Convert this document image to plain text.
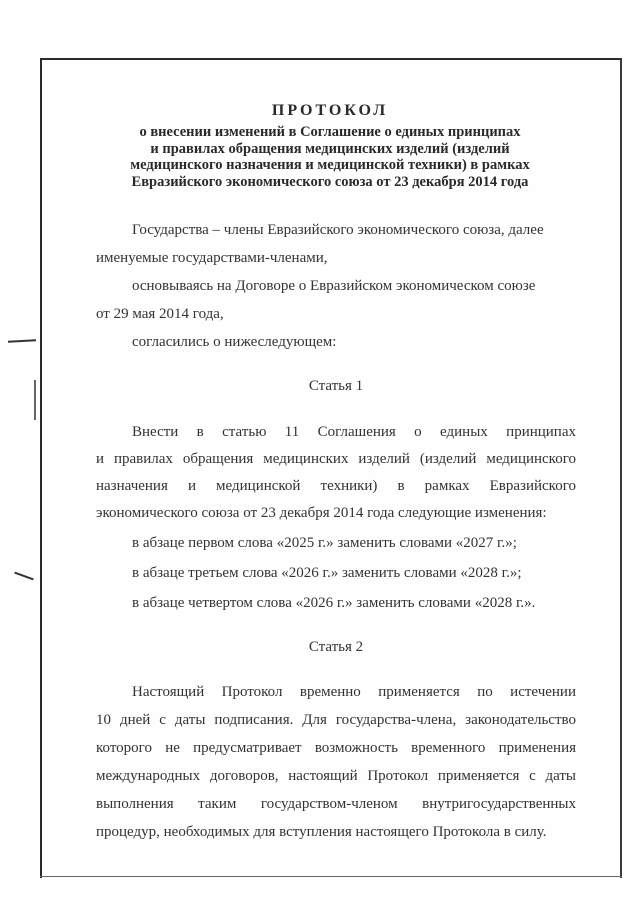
ПРОТОКОЛ
о внесении изменений в Соглашение о единых принципах
и правилах обращения медицинских изделий (изделий
медицинского назначения и медицинской техники) в рамках
Евразийского экономического союза от 23 декабря 2014 года
Государства – члены Евразийского экономического союза, далее
именуемые государствами-членами,
основываясь на Договоре о Евразийском экономическом союзе
от 29 мая 2014 года,
согласились о нижеследующем:
Статья 1
Внести в статью 11 Соглашения о единых принципах
и правилах обращения медицинских изделий (изделий медицинского
назначения и медицинской техники) в рамках Евразийского
экономического союза от 23 декабря 2014 года следующие изменения:
в абзаце первом слова «2025 г.» заменить словами «2027 г.»;
в абзаце третьем слова «2026 г.» заменить словами «2028 г.»;
в абзаце четвертом слова «2026 г.» заменить словами «2028 г.».
Статья 2
Настоящий Протокол временно применяется по истечении
10 дней с даты подписания. Для государства-члена, законодательство
которого не предусматривает возможность временного применения
международных договоров, настоящий Протокол применяется с даты
выполнения таким государством-членом внутригосударственных
процедур, необходимых для вступления настоящего Протокола в силу.
